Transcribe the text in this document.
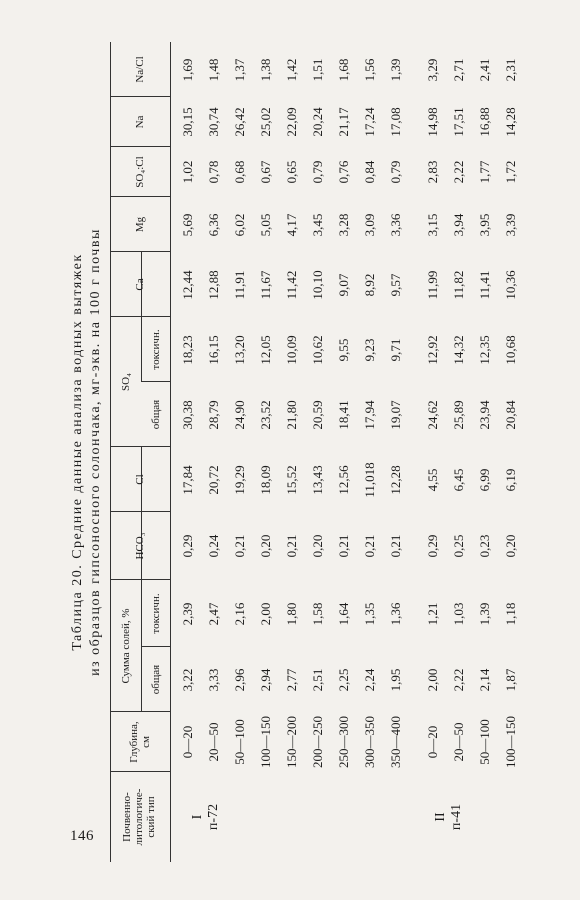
146
Таблица 20. Средние данные анализа водных вытяжек из образцов гипсоносного солончака, мг-экв. на 100 г почвы
Почвенно- литологиче- ский тип
Глубина, см
Сумма солей, % общая
токсичн.
HCO₃
Cl
SO₄
общая
токсичн.
Ca
Mg
SO₄:Cl
Na
Na/Cl
I п-72	II п-41
0—20
3,22
2,39
0,29
17,84
30,38
18,23
12,44
5,69
1,02
30,15
1,69
20—50
3,33
2,47
0,24
20,72
28,79
16,15
12,88
6,36
0,78
30,74
1,48
50—100
2,96
2,16
0,21
19,29
24,90
13,20
11,91
6,02
0,68
26,42
1,37
100—150
2,94
2,00
0,20
18,09
23,52
12,05
11,67
5,05
0,67
25,02
1,38
150—200
2,77
1,80
0,21
15,52
21,80
10,09
11,42
4,17
0,65
22,09
1,42
200—250
2,51
1,58
0,20
13,43
20,59
10,62
10,10
3,45
0,79
20,24
1,51
250—300
2,25
1,64
0,21
12,56
18,41
9,55
9,07
3,28
0,76
21,17
1,68
300—350
2,24
1,35
0,21
11,018
17,94
9,23
8,92
3,09
0,84
17,24
1,56
350—400
1,95
1,36
0,21
12,28
19,07
9,71
9,57
3,36
0,79
17,08
1,39
0—20
2,00
1,21
0,29
4,55
24,62
12,92
11,99
3,15
2,83
14,98
3,29
20—50
2,22
1,03
0,25
6,45
25,89
14,32
11,82
3,94
2,22
17,51
2,71
50—100
2,14
1,39
0,23
6,99
23,94
12,35
11,41
3,95
1,77
16,88
2,41
100—150
1,87
1,18
0,20
6,19
20,84
10,68
10,36
3,39
1,72
14,28
2,31
